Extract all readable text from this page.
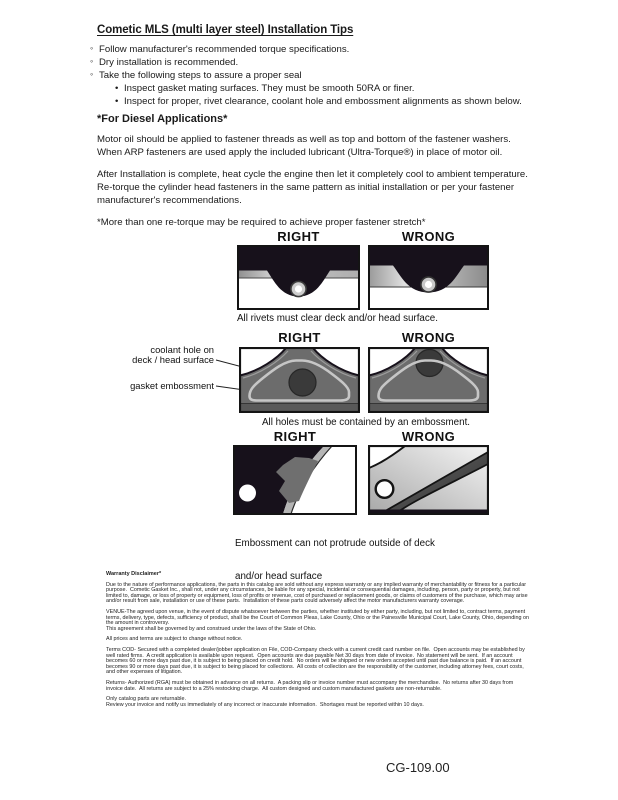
Cometic MLS (multi layer steel) Installation Tips
◦ Follow manufacturer's recommended torque specifications.
◦ Dry installation is recommended.
◦ Take the following steps to assure a proper seal
• Inspect gasket mating surfaces. They must be smooth 50RA or finer.
• Inspect for proper, rivet clearance, coolant hole and embossment alignments as shown below.
*For Diesel Applications*

Motor oil should be applied to fastener threads as well as top and bottom of the fastener washers. When ARP fasteners are used apply the included lubricant (Ultra-Torque®) in place of motor oil.

After Installation is complete, heat cycle the engine then let it completely cool to ambient temperature. Re-torque the cylinder head fasteners in the same pattern as initial installation or per your fastener manufacturer's recommendations.

*More than one re-torque may be required to achieve proper fastener stretch*

RIGHT	WRONG
All rivets must clear deck and/or head surface.
coolant hole on
deck / head surface
gasket embossment
RIGHT	WRONG
All holes must be contained by an embossment.
RIGHT	WRONG

Embossment can not protrude outside of deck

and/or head surface

Warranty Disclaimer*

Due to the nature of performance applications, the parts in this catalog are sold without any express warranty or any implied warranty of merchantability or fitness for a particular purpose.  Cometic Gasket Inc., shall not, under any circumstances, be liable for any special, incidental or consequential damages, including, person, party or property, but not limited to, damage, or loss of property or equipment, loss of profits or revenue, cost of purchased or replacement goods, or claims of customers of the purchase, which may arise and/or result from sale, installation or use of these parts.  Installation of these parts could adversely affect the motor manufacturers warranty coverage.

VENUE-The agreed upon venue, in the event of dispute whatsoever between the parties, whether instituted by either party, including, but not limited to, contract terms, payment terms, delivery, type, defects, sufficiency of product, shall be the Court of Common Pleas, Lake County, Ohio or the Painesville Municipal Court, Lake County, Ohio, depending on the amount in controversy.

This agreement shall be governed by and construed under the laws of the State of Ohio.

All prices and terms are subject to change without notice.

Terms COD- Secured with a completed dealer/jobber application on File, COD-Company check with a current credit card number on file.  Open accounts may be established by well rated firms.  A credit application is available upon request.  Open accounts are due payable Net 30 days from date of invoice.  No statement will be sent.  If an account becomes 60 or more days past due, it is subject to being placed on credit hold.  No orders will be shipped or new orders accepted until past due balance is paid.  If an account becomes 90 or more days past due, it is subject to being placed for collections.  All costs of collection are the responsibility of the customer, including attorney fees, court costs, and other expenses of litigation.

Returns- Authorized (RGA) must be obtained in advance on all returns.  A packing slip or invoice number must accompany the merchandise.  No returns after 30 days from invoice date.  All returns are subject to a 25% restocking charge.  All custom designed and custom manufactured gaskets are non-returnable.

Only catalog parts are returnable.

Review your invoice and notify us immediately of any incorrect or inaccurate information.  Shortages must be reported within 10 days.

CG-109.00
